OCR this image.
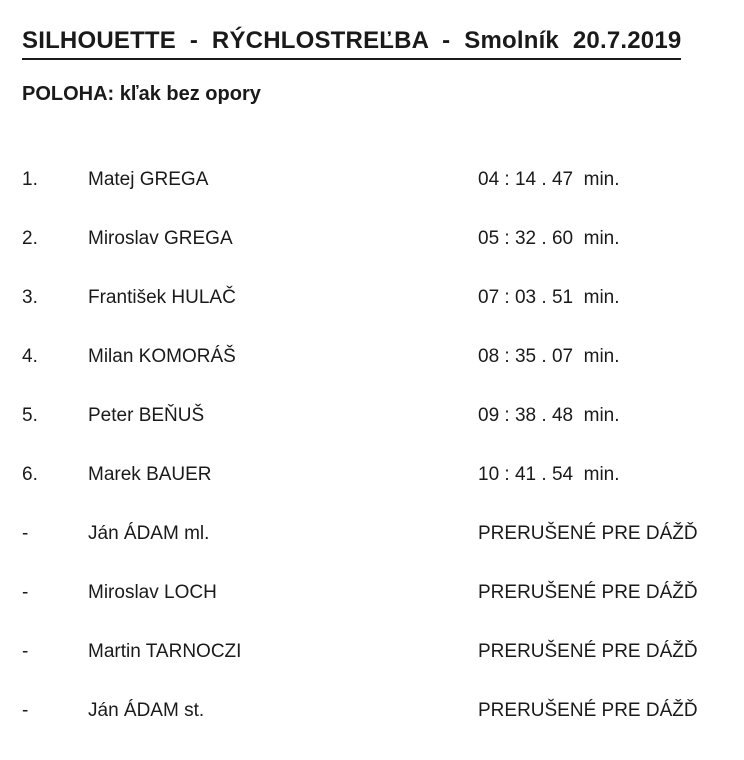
SILHOUETTE - RÝCHLOSTREĽBA - Smolník 20.7.2019
POLOHA: kľak bez opory
1.	Matej GREGA	04 : 14 . 47  min.
2.	Miroslav GREGA	05 : 32 . 60  min.
3.	František HULAČ	07 : 03 . 51  min.
4.	Milan KOMORÁŠ	08 : 35 . 07  min.
5.	Peter BEŇUŠ	09 : 38 . 48  min.
6.	Marek BAUER	10 : 41 . 54  min.
-	Ján ÁDAM ml.	PRERUŠENÉ PRE DÁŽĎ
-	Miroslav LOCH	PRERUŠENÉ PRE DÁŽĎ
-	Martin TARNOCZI	PRERUŠENÉ PRE DÁŽĎ
-	Ján ÁDAM st.	PRERUŠENÉ PRE DÁŽĎ
